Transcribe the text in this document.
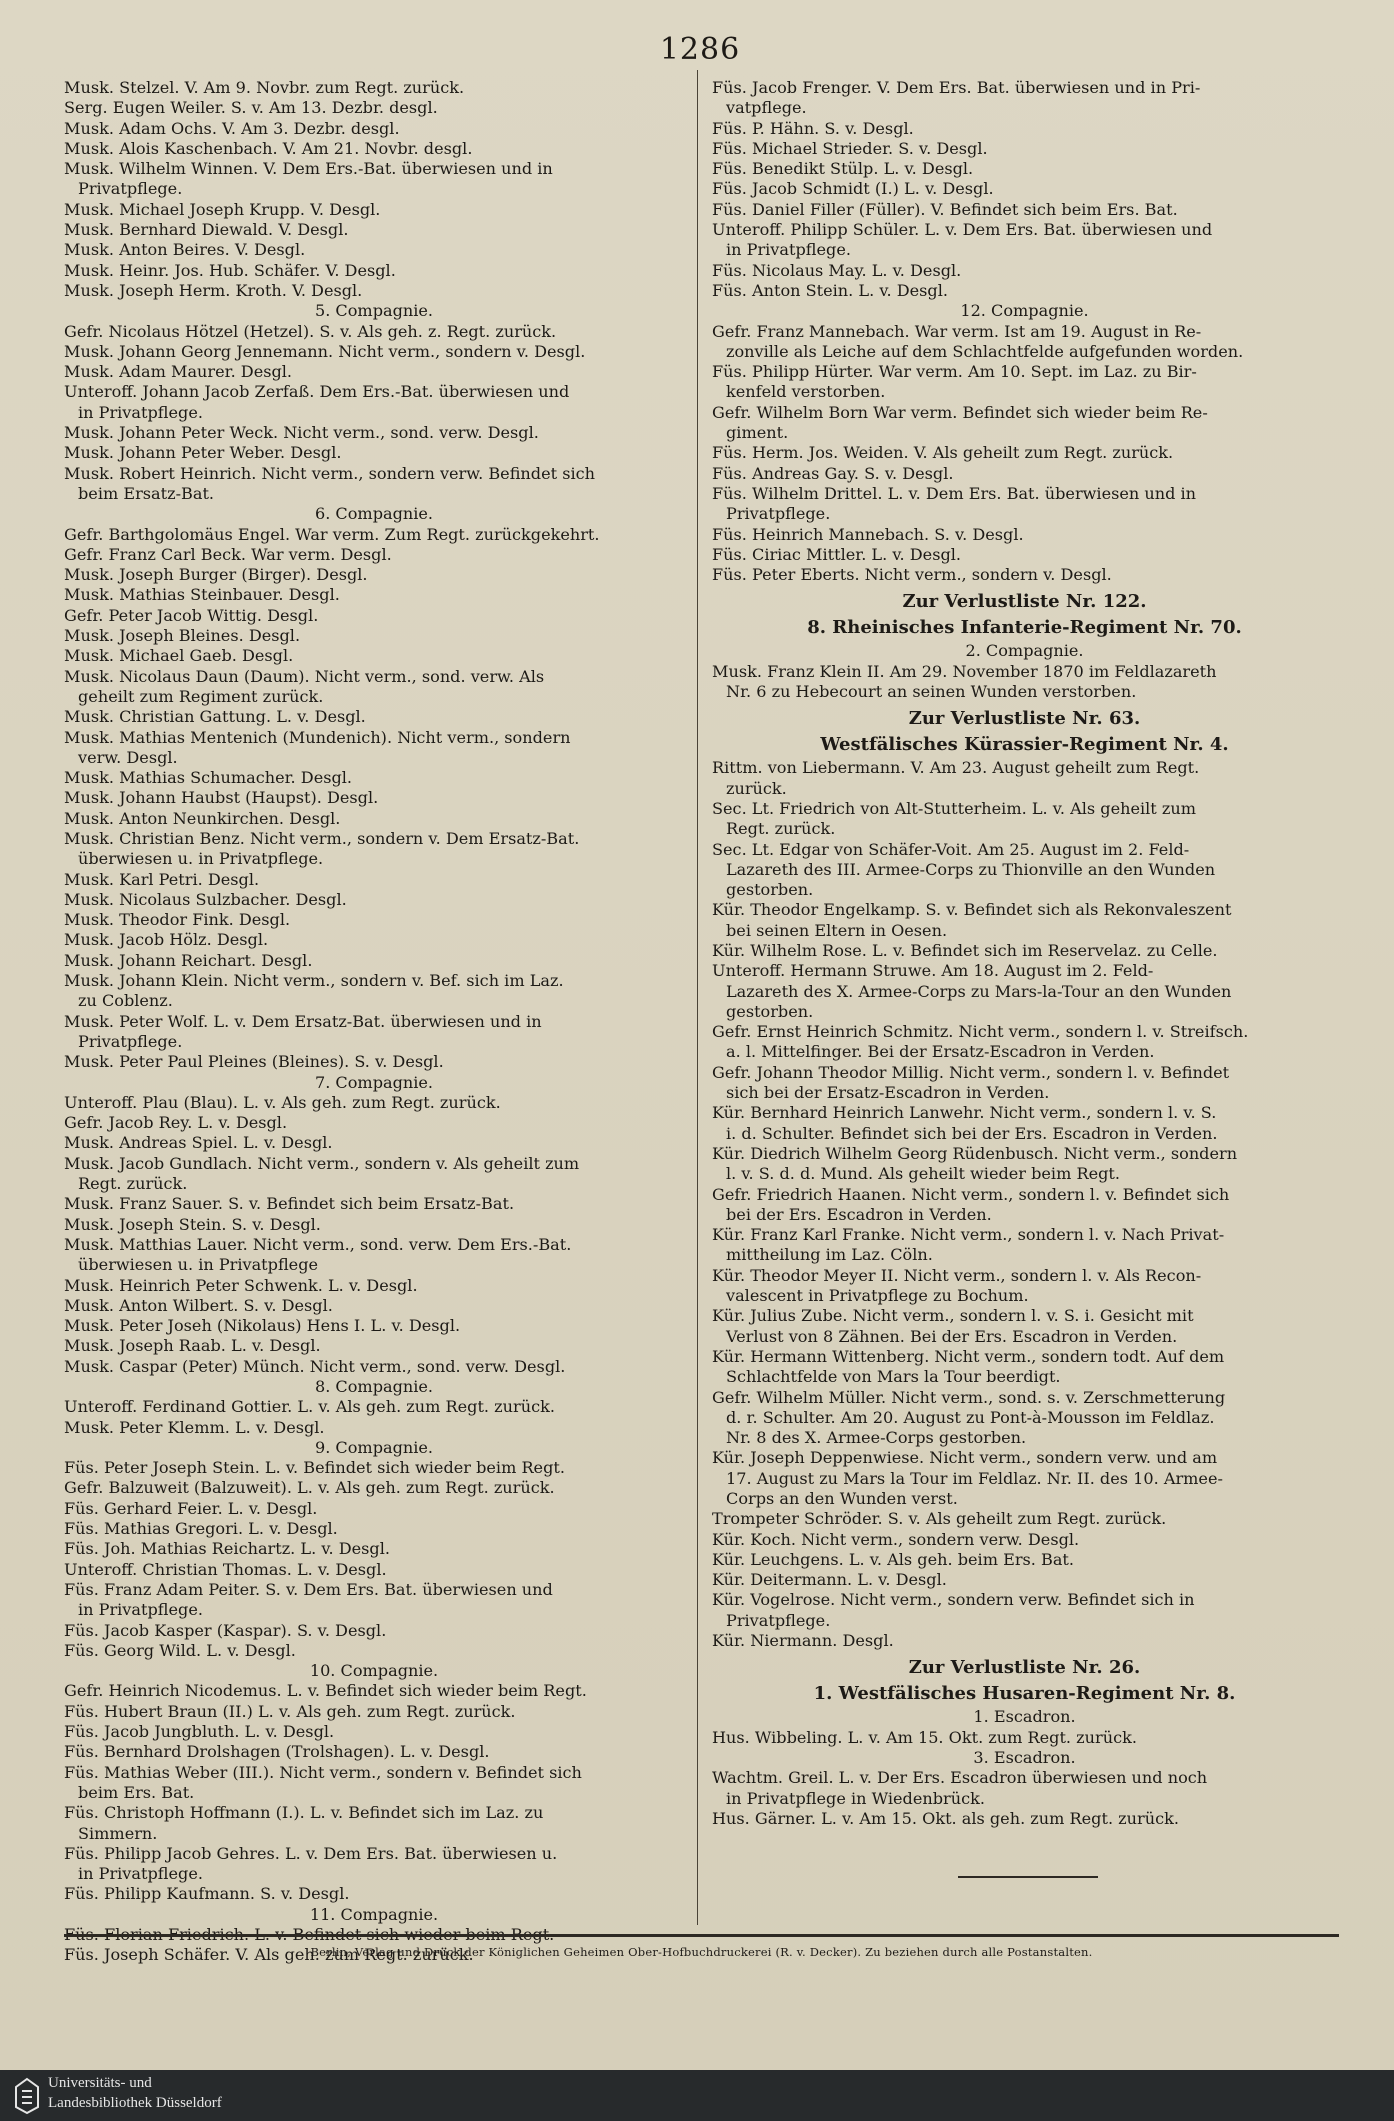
1286
Musk. Stelzel. V. Am 9. Novbr. zum Regt. zurück.
Serg. Eugen Weiler. S. v. Am 13. Dezbr. desgl.
Musk. Adam Ochs. V. Am 3. Dezbr. desgl.
Musk. Alois Kaschenbach. V. Am 21. Novbr. desgl.
Musk. Wilhelm Winnen. V. Dem Ers.-Bat. überwiesen und in
Privatpflege.
Musk. Michael Joseph Krupp. V. Desgl.
Musk. Bernhard Diewald. V. Desgl.
Musk. Anton Beires. V. Desgl.
Musk. Heinr. Jos. Hub. Schäfer. V. Desgl.
Musk. Joseph Herm. Kroth. V. Desgl.
5. Compagnie.
Gefr. Nicolaus Hötzel (Hetzel). S. v. Als geh. z. Regt. zurück.
Musk. Johann Georg Jennemann. Nicht verm., sondern v. Desgl.
Musk. Adam Maurer. Desgl.
Unteroff. Johann Jacob Zerfaß. Dem Ers.-Bat. überwiesen und
in Privatpflege.
Musk. Johann Peter Weck. Nicht verm., sond. verw. Desgl.
Musk. Johann Peter Weber. Desgl.
Musk. Robert Heinrich. Nicht verm., sondern verw. Befindet sich
beim Ersatz-Bat.
6. Compagnie.
Gefr. Barthgolomäus Engel. War verm. Zum Regt. zurückgekehrt.
Gefr. Franz Carl Beck. War verm. Desgl.
Musk. Joseph Burger (Birger). Desgl.
Musk. Mathias Steinbauer. Desgl.
Gefr. Peter Jacob Wittig. Desgl.
Musk. Joseph Bleines. Desgl.
Musk. Michael Gaeb. Desgl.
Musk. Nicolaus Daun (Daum). Nicht verm., sond. verw. Als
geheilt zum Regiment zurück.
Musk. Christian Gattung. L. v. Desgl.
Musk. Mathias Mentenich (Mundenich). Nicht verm., sondern
verw. Desgl.
Musk. Mathias Schumacher. Desgl.
Musk. Johann Haubst (Haupst). Desgl.
Musk. Anton Neunkirchen. Desgl.
Musk. Christian Benz. Nicht verm., sondern v. Dem Ersatz-Bat.
überwiesen u. in Privatpflege.
Musk. Karl Petri. Desgl.
Musk. Nicolaus Sulzbacher. Desgl.
Musk. Theodor Fink. Desgl.
Musk. Jacob Hölz. Desgl.
Musk. Johann Reichart. Desgl.
Musk. Johann Klein. Nicht verm., sondern v. Bef. sich im Laz.
zu Coblenz.
Musk. Peter Wolf. L. v. Dem Ersatz-Bat. überwiesen und in
Privatpflege.
Musk. Peter Paul Pleines (Bleines). S. v. Desgl.
7. Compagnie.
Unteroff. Plau (Blau). L. v. Als geh. zum Regt. zurück.
Gefr. Jacob Rey. L. v. Desgl.
Musk. Andreas Spiel. L. v. Desgl.
Musk. Jacob Gundlach. Nicht verm., sondern v. Als geheilt zum
Regt. zurück.
Musk. Franz Sauer. S. v. Befindet sich beim Ersatz-Bat.
Musk. Joseph Stein. S. v. Desgl.
Musk. Matthias Lauer. Nicht verm., sond. verw. Dem Ers.-Bat.
überwiesen u. in Privatpflege
Musk. Heinrich Peter Schwenk. L. v. Desgl.
Musk. Anton Wilbert. S. v. Desgl.
Musk. Peter Joseh (Nikolaus) Hens I. L. v. Desgl.
Musk. Joseph Raab. L. v. Desgl.
Musk. Caspar (Peter) Münch. Nicht verm., sond. verw. Desgl.
8. Compagnie.
Unteroff. Ferdinand Gottier. L. v. Als geh. zum Regt. zurück.
Musk. Peter Klemm. L. v. Desgl.
9. Compagnie.
Füs. Peter Joseph Stein. L. v. Befindet sich wieder beim Regt.
Gefr. Balzuweit (Balzuweit). L. v. Als geh. zum Regt. zurück.
Füs. Gerhard Feier. L. v. Desgl.
Füs. Mathias Gregori. L. v. Desgl.
Füs. Joh. Mathias Reichartz. L. v. Desgl.
Unteroff. Christian Thomas. L. v. Desgl.
Füs. Franz Adam Peiter. S. v. Dem Ers. Bat. überwiesen und
in Privatpflege.
Füs. Jacob Kasper (Kaspar). S. v. Desgl.
Füs. Georg Wild. L. v. Desgl.
10. Compagnie.
Gefr. Heinrich Nicodemus. L. v. Befindet sich wieder beim Regt.
Füs. Hubert Braun (II.) L. v. Als geh. zum Regt. zurück.
Füs. Jacob Jungbluth. L. v. Desgl.
Füs. Bernhard Drolshagen (Trolshagen). L. v. Desgl.
Füs. Mathias Weber (III.). Nicht verm., sondern v. Befindet sich
beim Ers. Bat.
Füs. Christoph Hoffmann (I.). L. v. Befindet sich im Laz. zu
Simmern.
Füs. Philipp Jacob Gehres. L. v. Dem Ers. Bat. überwiesen u.
in Privatpflege.
Füs. Philipp Kaufmann. S. v. Desgl.
11. Compagnie.
Füs. Joseph Schäfer. V. Als geh. zum Regt. zurück.
Füs. Jacob Frenger. V. Dem Ers. Bat. überwiesen und in Pri-
vatpflege.
Füs. P. Hähn. S. v. Desgl.
Füs. Michael Strieder. S. v. Desgl.
Füs. Benedikt Stülp. L. v. Desgl.
Füs. Jacob Schmidt (I.) L. v. Desgl.
Füs. Daniel Filler (Füller). V. Befindet sich beim Ers. Bat.
Unteroff. Philipp Schüler. L. v. Dem Ers. Bat. überwiesen und
in Privatpflege.
Füs. Nicolaus May. L. v. Desgl.
Füs. Anton Stein. L. v. Desgl.
12. Compagnie.
Gefr. Franz Mannebach. War verm. Ist am 19. August in Re-
zonville als Leiche auf dem Schlachtfelde aufgefunden worden.
Füs. Philipp Hürter. War verm. Am 10. Sept. im Laz. zu Bir-
kenfeld verstorben.
Gefr. Wilhelm Born War verm. Befindet sich wieder beim Re-
giment.
Füs. Herm. Jos. Weiden. V. Als geheilt zum Regt. zurück.
Füs. Andreas Gay. S. v. Desgl.
Füs. Wilhelm Drittel. L. v. Dem Ers. Bat. überwiesen und in
Privatpflege.
Füs. Heinrich Mannebach. S. v. Desgl.
Füs. Ciriac Mittler. L. v. Desgl.
Füs. Peter Eberts. Nicht verm., sondern v. Desgl.
Zur Verlustliste Nr. 122.
8. Rheinisches Infanterie-Regiment Nr. 70.
2. Compagnie.
Musk. Franz Klein II. Am 29. November 1870 im Feldlazareth
Nr. 6 zu Hebecourt an seinen Wunden verstorben.
Zur Verlustliste Nr. 63.
Westfälisches Kürassier-Regiment Nr. 4.
Rittm. von Liebermann. V. Am 23. August geheilt zum Regt.
zurück.
Sec. Lt. Friedrich von Alt-Stutterheim. L. v. Als geheilt zum
Regt. zurück.
Sec. Lt. Edgar von Schäfer-Voit. Am 25. August im 2. Feld-
Lazareth des III. Armee-Corps zu Thionville an den Wunden
gestorben.
Kür. Theodor Engelkamp. S. v. Befindet sich als Rekonvaleszent
bei seinen Eltern in Oesen.
Kür. Wilhelm Rose. L. v. Befindet sich im Reservelaz. zu Celle.
Unteroff. Hermann Struwe. Am 18. August im 2. Feld-
Lazareth des X. Armee-Corps zu Mars-la-Tour an den Wunden
gestorben.
Gefr. Ernst Heinrich Schmitz. Nicht verm., sondern l. v. Streifsch.
a. l. Mittelfinger. Bei der Ersatz-Escadron in Verden.
Gefr. Johann Theodor Millig. Nicht verm., sondern l. v. Befindet
sich bei der Ersatz-Escadron in Verden.
Kür. Bernhard Heinrich Lanwehr. Nicht verm., sondern l. v. S.
i. d. Schulter. Befindet sich bei der Ers. Escadron in Verden.
Kür. Diedrich Wilhelm Georg Rüdenbusch. Nicht verm., sondern
l. v. S. d. d. Mund. Als geheilt wieder beim Regt.
Gefr. Friedrich Haanen. Nicht verm., sondern l. v. Befindet sich
bei der Ers. Escadron in Verden.
Kür. Franz Karl Franke. Nicht verm., sondern l. v. Nach Privat-
mittheilung im Laz. Cöln.
Kür. Theodor Meyer II. Nicht verm., sondern l. v. Als Recon-
valescent in Privatpflege zu Bochum.
Kür. Julius Zube. Nicht verm., sondern l. v. S. i. Gesicht mit
Verlust von 8 Zähnen. Bei der Ers. Escadron in Verden.
Kür. Hermann Wittenberg. Nicht verm., sondern todt. Auf dem
Schlachtfelde von Mars la Tour beerdigt.
Gefr. Wilhelm Müller. Nicht verm., sond. s. v. Zerschmetterung
d. r. Schulter. Am 20. August zu Pont-à-Mousson im Feldlaz.
Nr. 8 des X. Armee-Corps gestorben.
Kür. Joseph Deppenwiese. Nicht verm., sondern verw. und am
17. August zu Mars la Tour im Feldlaz. Nr. II. des 10. Armee-
Corps an den Wunden verst.
Trompeter Schröder. S. v. Als geheilt zum Regt. zurück.
Kür. Koch. Nicht verm., sondern verw. Desgl.
Kür. Leuchgens. L. v. Als geh. beim Ers. Bat.
Kür. Deitermann. L. v. Desgl.
Kür. Vogelrose. Nicht verm., sondern verw. Befindet sich in
Privatpflege.
Kür. Niermann. Desgl.
Zur Verlustliste Nr. 26.
1. Westfälisches Husaren-Regiment Nr. 8.
1. Escadron.
Hus. Wibbeling. L. v. Am 15. Okt. zum Regt. zurück.
3. Escadron.
Wachtm. Greil. L. v. Der Ers. Escadron überwiesen und noch
in Privatpflege in Wiedenbrück.
Hus. Gärner. L. v. Am 15. Okt. als geh. zum Regt. zurück.
Berlin, Verlag und Druck der Königlichen Geheimen Ober-Hofbuchdruckerei (R. v. Decker). Zu beziehen durch alle Postanstalten.
Universitäts- und
Landesbibliothek Düsseldorf
